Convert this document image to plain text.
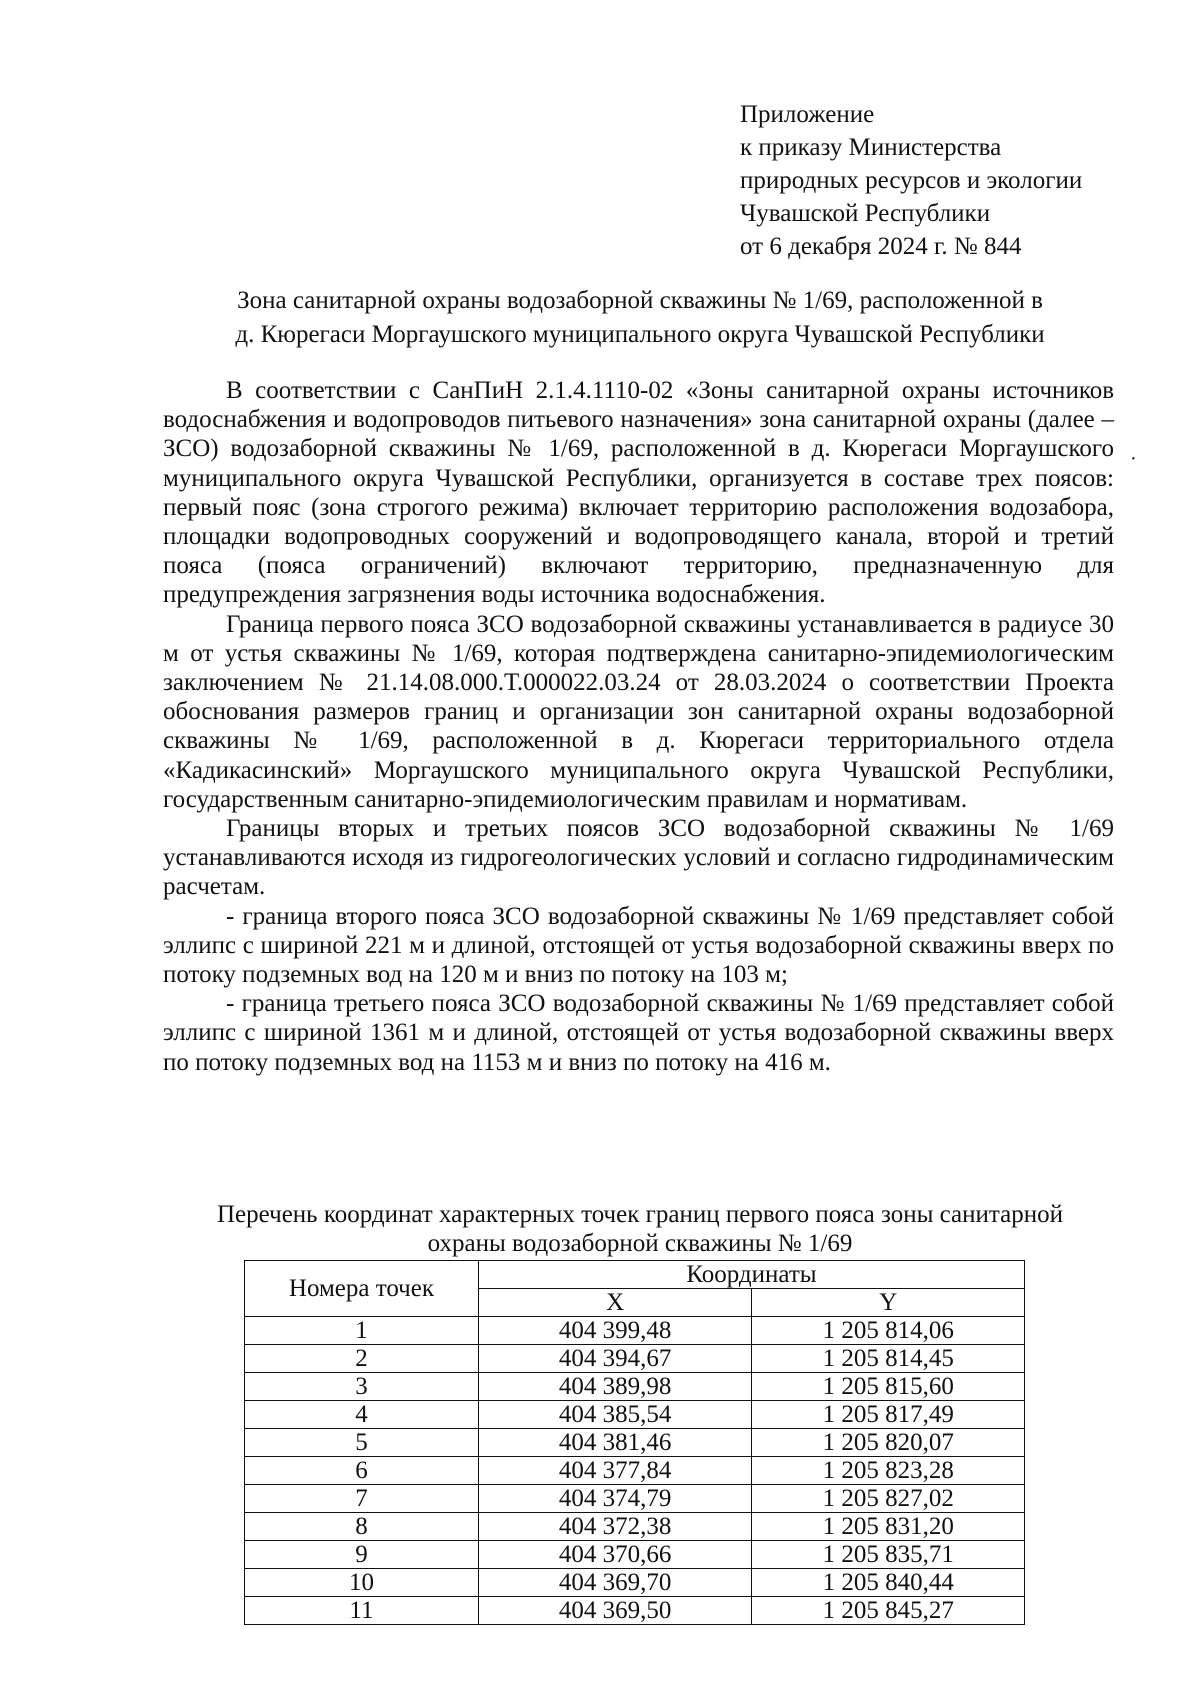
Приложение
к приказу Министерства
природных ресурсов и экологии
Чувашской Республики
от 6 декабря 2024 г. № 844
Зона санитарной охраны водозаборной скважины № 1/69, расположенной в
д. Кюрегаси Моргаушского муниципального округа Чувашской Республики
·

В соответствии с СанПиН 2.1.4.1110-02 «Зоны санитарной охраны источников водоснабжения и водопроводов питьевого назначения» зона санитарной охраны (далее – ЗСО) водозаборной скважины № 1/69, расположенной в д. Кюрегаси Моргаушского муниципального округа Чувашской Республики, организуется в составе трех поясов: первый пояс (зона строгого режима) включает территорию расположения водозабора, площадки водопроводных сооружений и водопроводящего канала, второй и третий пояса (пояса ограничений) включают территорию, предназначенную для предупреждения загрязнения воды источника водоснабжения.

Граница первого пояса ЗСО водозаборной скважины устанавливается в радиусе 30 м от устья скважины № 1/69, которая подтверждена санитарно-эпидемиологическим заключением № 21.14.08.000.Т.000022.03.24 от 28.03.2024 о соответствии Проекта обоснования размеров границ и организации зон санитарной охраны водозаборной скважины № 1/69, расположенной в д. Кюрегаси территориального отдела «Кадикасинский» Моргаушского муниципального округа Чувашской Республики, государственным санитарно-эпидемиологическим правилам и нормативам.

Границы вторых и третьих поясов ЗСО водозаборной скважины № 1/69 устанавливаются исходя из гидрогеологических условий и согласно гидродинамическим расчетам.

- граница второго пояса ЗСО водозаборной скважины № 1/69 представляет собой эллипс с шириной 221 м и длиной, отстоящей от устья водозаборной скважины вверх по потоку подземных вод на 120 м и вниз по потоку на 103 м;

- граница третьего пояса ЗСО водозаборной скважины № 1/69 представляет собой эллипс с шириной 1361 м и длиной, отстоящей от устья водозаборной скважины вверх по потоку подземных вод на 1153 м и вниз по потоку на 416 м.

Перечень координат характерных точек границ первого пояса зоны санитарной
охраны водозаборной скважины № 1/69
Номера точек	Координаты	
	X	Y
1	404 399,48	1 205 814,06
2	404 394,67	1 205 814,45
3	404 389,98	1 205 815,60
4	404 385,54	1 205 817,49
5	404 381,46	1 205 820,07
6	404 377,84	1 205 823,28
7	404 374,79	1 205 827,02
8	404 372,38	1 205 831,20
9	404 370,66	1 205 835,71
10	404 369,70	1 205 840,44
11	404 369,50	1 205 845,27
